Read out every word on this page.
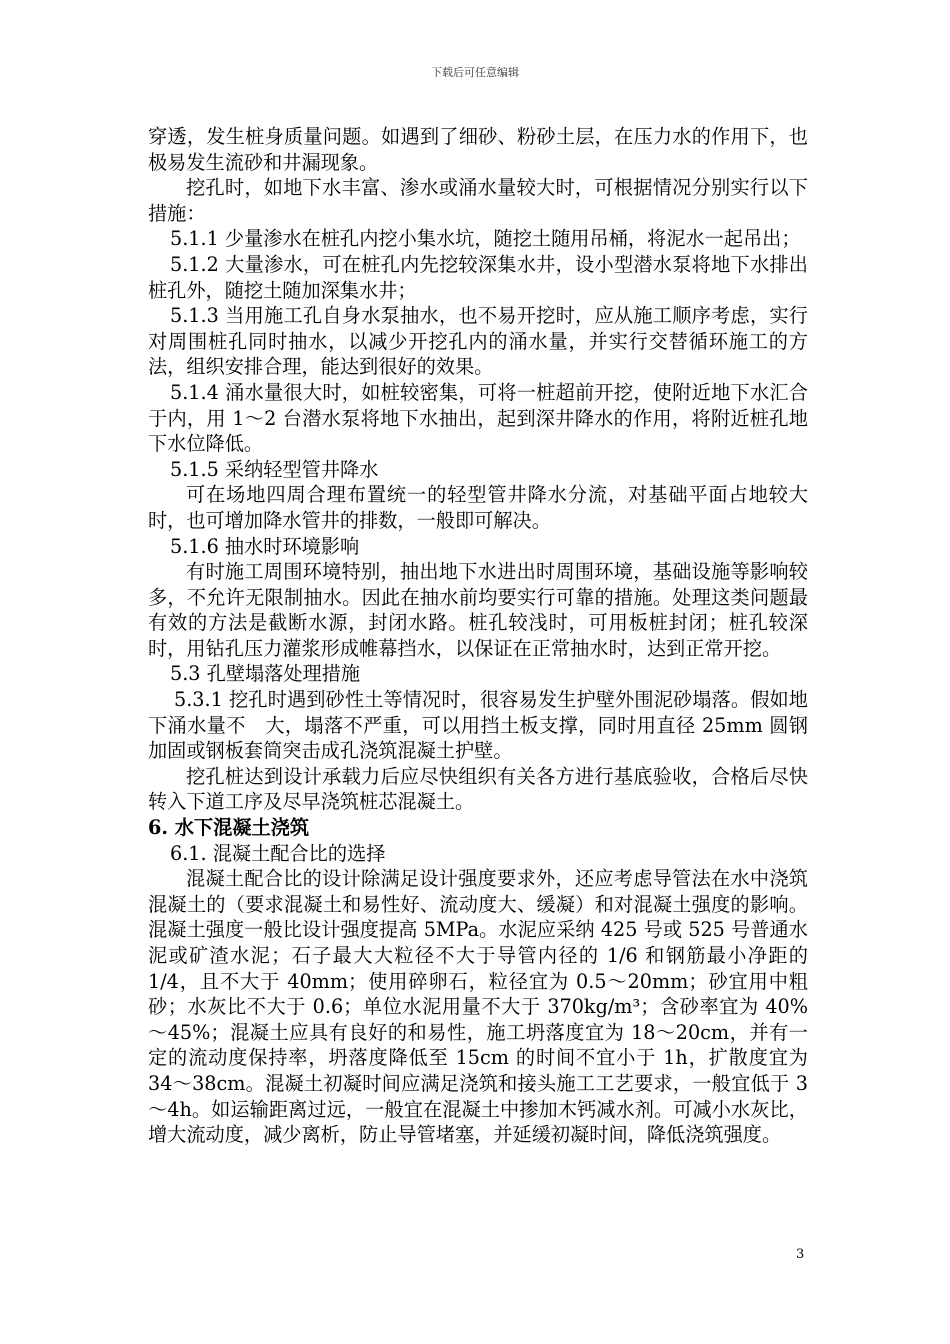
下载后可任意编辑

穿透，发生桩身质量问题。如遇到了细砂、粉砂土层，在压力水的作用下，也极易发生流砂和井漏现象。

挖孔时，如地下水丰富、渗水或涌水量较大时，可根据情况分别实行以下措施：

5.1.1 少量渗水在桩孔内挖小集水坑，随挖土随用吊桶，将泥水一起吊出；

5.1.2 大量渗水，可在桩孔内先挖较深集水井，设小型潜水泵将地下水排出桩孔外，随挖土随加深集水井；

5.1.3 当用施工孔自身水泵抽水，也不易开挖时，应从施工顺序考虑，实行对周围桩孔同时抽水，以减少开挖孔内的涌水量，并实行交替循环施工的方法，组织安排合理，能达到很好的效果。

5.1.4 涌水量很大时，如桩较密集，可将一桩超前开挖，使附近地下水汇合于内，用 1～2 台潜水泵将地下水抽出，起到深井降水的作用，将附近桩孔地下水位降低。

5.1.5 采纳轻型管井降水

可在场地四周合理布置统一的轻型管井降水分流，对基础平面占地较大时，也可增加降水管井的排数，一般即可解决。

5.1.6 抽水时环境影响

有时施工周围环境特别，抽出地下水进出时周围环境，基础设施等影响较多，不允许无限制抽水。因此在抽水前均要实行可靠的措施。处理这类问题最有效的方法是截断水源，封闭水路。桩孔较浅时，可用板桩封闭；桩孔较深时，用钻孔压力灌浆形成帷幕挡水，以保证在正常抽水时，达到正常开挖。

5.3 孔壁塌落处理措施

5.3.1 挖孔时遇到砂性土等情况时，很容易发生护壁外围泥砂塌落。假如地下涌水量不　大，塌落不严重，可以用挡土板支撑，同时用直径 25mm 圆钢加固或钢板套筒突击成孔浇筑混凝土护壁。

挖孔桩达到设计承载力后应尽快组织有关各方进行基底验收，合格后尽快转入下道工序及尽早浇筑桩芯混凝土。

6. 水下混凝土浇筑

6.1. 混凝土配合比的选择

混凝土配合比的设计除满足设计强度要求外，还应考虑导管法在水中浇筑混凝土的（要求混凝土和易性好、流动度大、缓凝）和对混凝土强度的影响。混凝土强度一般比设计强度提高 5MPa。水泥应采纳 425 号或 525 号普通水泥或矿渣水泥；石子最大大粒径不大于导管内径的 1/6 和钢筋最小净距的 1/4，且不大于 40mm；使用碎卵石，粒径宜为 0.5～20mm；砂宜用中粗砂；水灰比不大于 0.6；单位水泥用量不大于 370kg/m³；含砂率宜为 40%～45%；混凝土应具有良好的和易性，施工坍落度宜为 18～20cm，并有一定的流动度保持率，坍落度降低至 15cm 的时间不宜小于 1h，扩散度宜为 34～38cm。混凝土初凝时间应满足浇筑和接头施工工艺要求，一般宜低于 3～4h。如运输距离过远，一般宜在混凝土中掺加木钙减水剂。可减小水灰比，增大流动度，减少离析，防止导管堵塞，并延缓初凝时间，降低浇筑强度。

3
